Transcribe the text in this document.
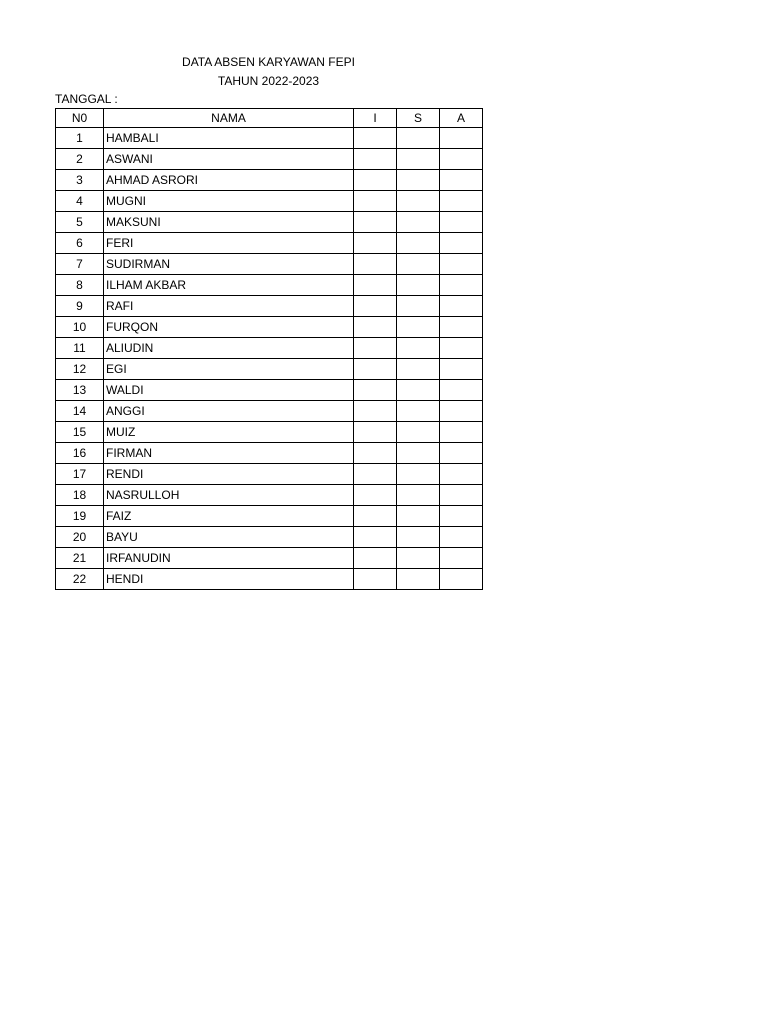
DATA ABSEN KARYAWAN FEPI
TAHUN 2022-2023
TANGGAL :
N0	NAMA	I	S	A
1	HAMBALI			
2	ASWANI			
3	AHMAD ASRORI			
4	MUGNI			
5	MAKSUNI			
6	FERI			
7	SUDIRMAN			
8	ILHAM AKBAR			
9	RAFI			
10	FURQON			
11	ALIUDIN			
12	EGI			
13	WALDI			
14	ANGGI			
15	MUIZ			
16	FIRMAN			
17	RENDI			
18	NASRULLOH			
19	FAIZ			
20	BAYU			
21	IRFANUDIN			
22	HENDI			
